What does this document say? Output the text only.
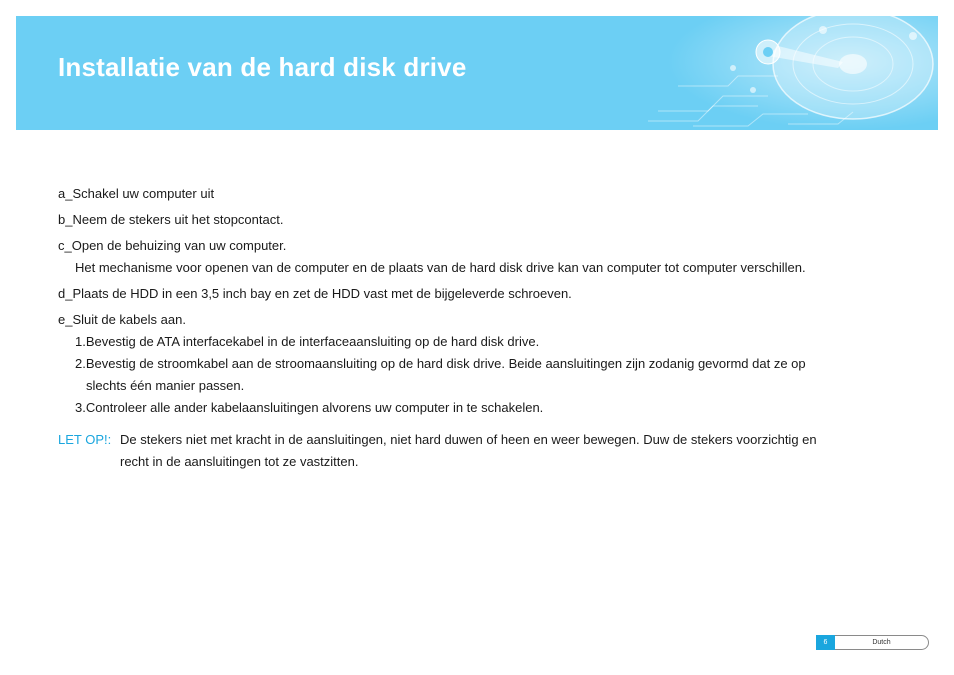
Installatie van de hard disk drive

a_Schakel uw computer uit

b_Neem de stekers uit het stopcontact.

c_Open de behuizing van uw computer.

Het mechanisme voor openen van de computer en de plaats van de hard disk drive kan van computer tot computer verschillen.

d_Plaats de HDD in een 3,5 inch bay en zet de HDD vast met de bijgeleverde schroeven.

e_Sluit de kabels aan.

1.Bevestig de ATA interfacekabel in de interfaceaansluiting op de hard disk drive.
2.Bevestig de stroomkabel aan de stroomaansluiting op de hard disk drive. Beide aansluitingen zijn zodanig gevormd dat ze op
slechts één manier passen.
3.Controleer alle ander kabelaansluitingen alvorens uw computer in te schakelen.
LET OP!: De stekers niet met kracht in de aansluitingen, niet hard duwen of heen en weer bewegen. Duw de stekers voorzichtig en
recht in de aansluitingen tot ze vastzitten.
6	Dutch
